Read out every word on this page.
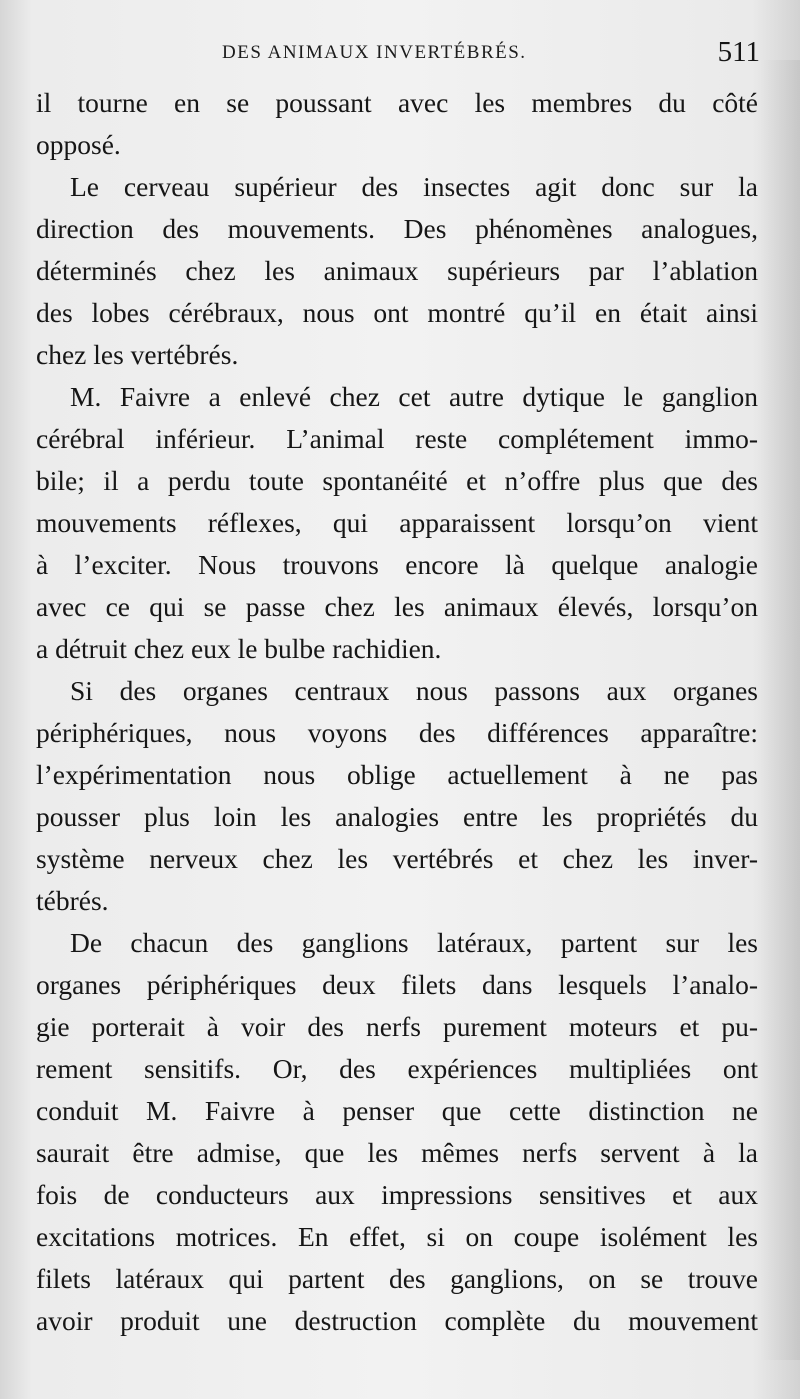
DES ANIMAUX INVERTÉBRÉS.	511
il tourne en se poussant avec les membres du côté
opposé.
Le cerveau supérieur des insectes agit donc sur la
direction des mouvements. Des phénomènes analogues,
déterminés chez les animaux supérieurs par l’ablation
des lobes cérébraux, nous ont montré qu’il en était ainsi
chez les vertébrés.
M. Faivre a enlevé chez cet autre dytique le ganglion
cérébral inférieur. L’animal reste complétement immo-
bile; il a perdu toute spontanéité et n’offre plus que des
mouvements réflexes, qui apparaissent lorsqu’on vient
à l’exciter. Nous trouvons encore là quelque analogie
avec ce qui se passe chez les animaux élevés, lorsqu’on
a détruit chez eux le bulbe rachidien.
Si des organes centraux nous passons aux organes
périphériques, nous voyons des différences apparaître:
l’expérimentation nous oblige actuellement à ne pas
pousser plus loin les analogies entre les propriétés du
système nerveux chez les vertébrés et chez les inver-
tébrés.
De chacun des ganglions latéraux, partent sur les
organes périphériques deux filets dans lesquels l’analo-
gie porterait à voir des nerfs purement moteurs et pu-
rement sensitifs. Or, des expériences multipliées ont
conduit M. Faivre à penser que cette distinction ne
saurait être admise, que les mêmes nerfs servent à la
fois de conducteurs aux impressions sensitives et aux
excitations motrices. En effet, si on coupe isolément les
filets latéraux qui partent des ganglions, on se trouve
avoir produit une destruction complète du mouvement
